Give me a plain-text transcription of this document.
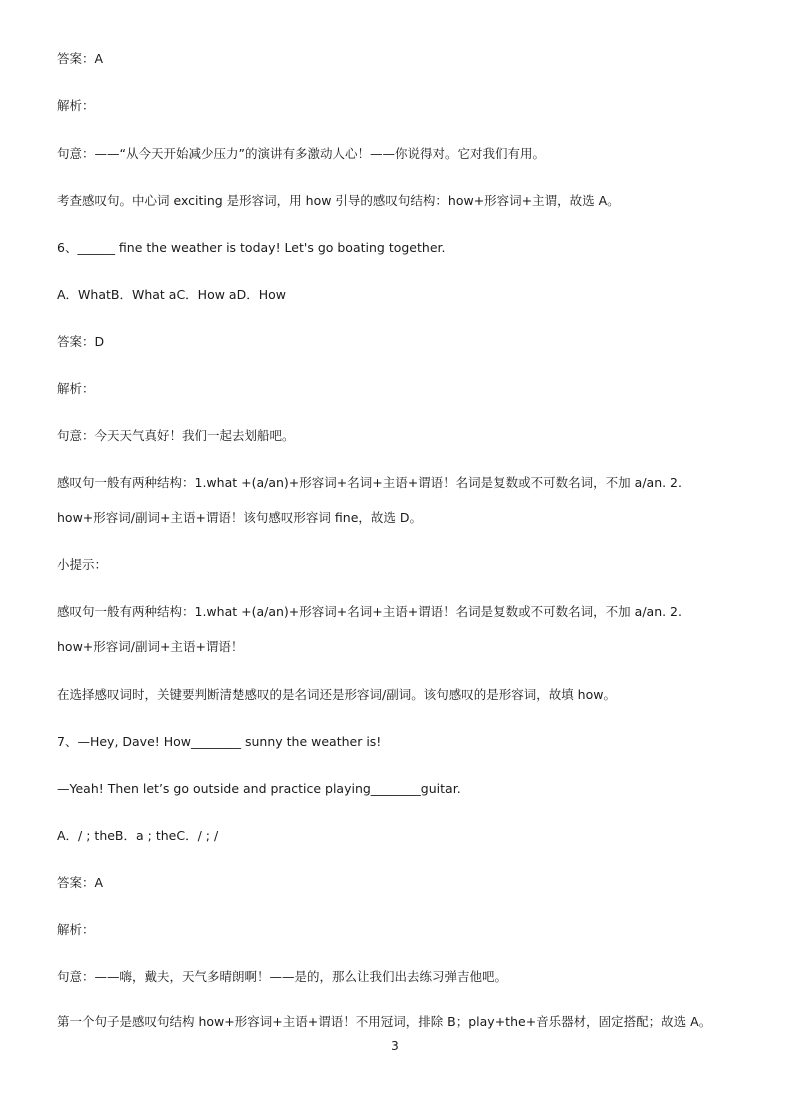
答案：A
解析：
句意：——“从今天开始减少压力”的演讲有多激动人心！——你说得对。它对我们有用。
考查感叹句。中心词 exciting 是形容词，用 how 引导的感叹句结构：how+形容词+主谓，故选 A。
6、______ fine the weather is today! Let's go boating together.
A．WhatB．What aC．How aD．How
答案：D
解析：
句意：今天天气真好！我们一起去划船吧。
感叹句一般有两种结构：1.what +(a/an)+形容词+名词+主语+谓语！名词是复数或不可数名词，不加 a/an. 2.
how+形容词/副词+主语+谓语！该句感叹形容词 fine，故选 D。
小提示：
感叹句一般有两种结构：1.what +(a/an)+形容词+名词+主语+谓语！名词是复数或不可数名词，不加 a/an. 2.
how+形容词/副词+主语+谓语！
在选择感叹词时，关键要判断清楚感叹的是名词还是形容词/副词。该句感叹的是形容词，故填 how。
7、—Hey, Dave! How________ sunny the weather is!
—Yeah! Then let’s go outside and practice playing________guitar.
A．/ ; theB．a ; theC．/ ; /
答案：A
解析：
句意：——嗨，戴夫，天气多晴朗啊！——是的，那么让我们出去练习弹吉他吧。
第一个句子是感叹句结构 how+形容词+主语+谓语！不用冠词，排除 B；play+the+音乐器材，固定搭配；故选 A。
3
